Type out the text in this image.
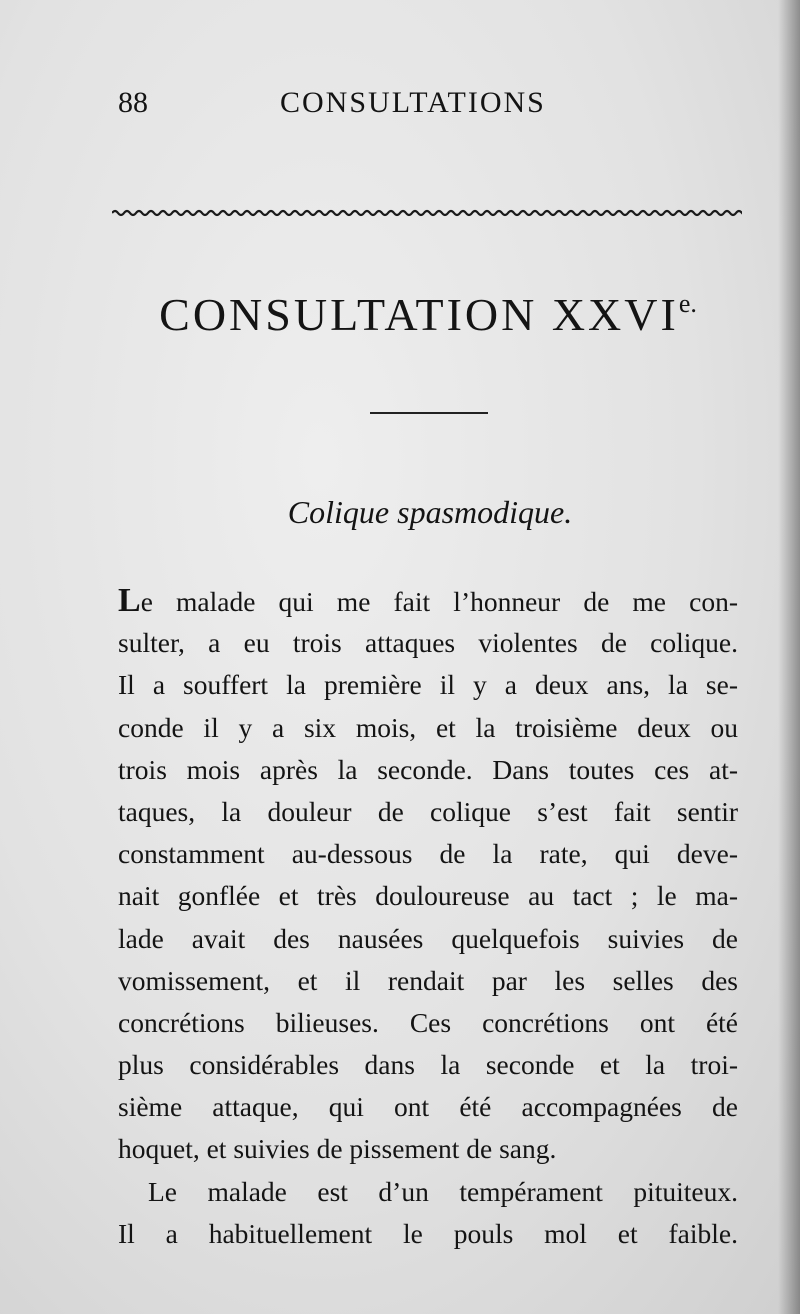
88	CONSULTATIONS
CONSULTATION $XXVI^{e.}$
Colique spasmodique.
Le malade qui me fait l’honneur de me con-
sulter, a eu trois attaques violentes de colique.
Il a souffert la première il y a deux ans, la se-
conde il y a six mois, et la troisième deux ou
trois mois après la seconde. Dans toutes ces at-
taques, la douleur de colique s’est fait sentir
constamment au-dessous de la rate, qui deve-
nait gonflée et très douloureuse au tact ; le ma-
lade avait des nausées quelquefois suivies de
vomissement, et il rendait par les selles des
concrétions bilieuses. Ces concrétions ont été
plus considérables dans la seconde et la troi-
sième attaque, qui ont été accompagnées de
hoquet, et suivies de pissement de sang.
Le malade est d’un tempérament pituiteux.
Il a habituellement le pouls mol et faible.
